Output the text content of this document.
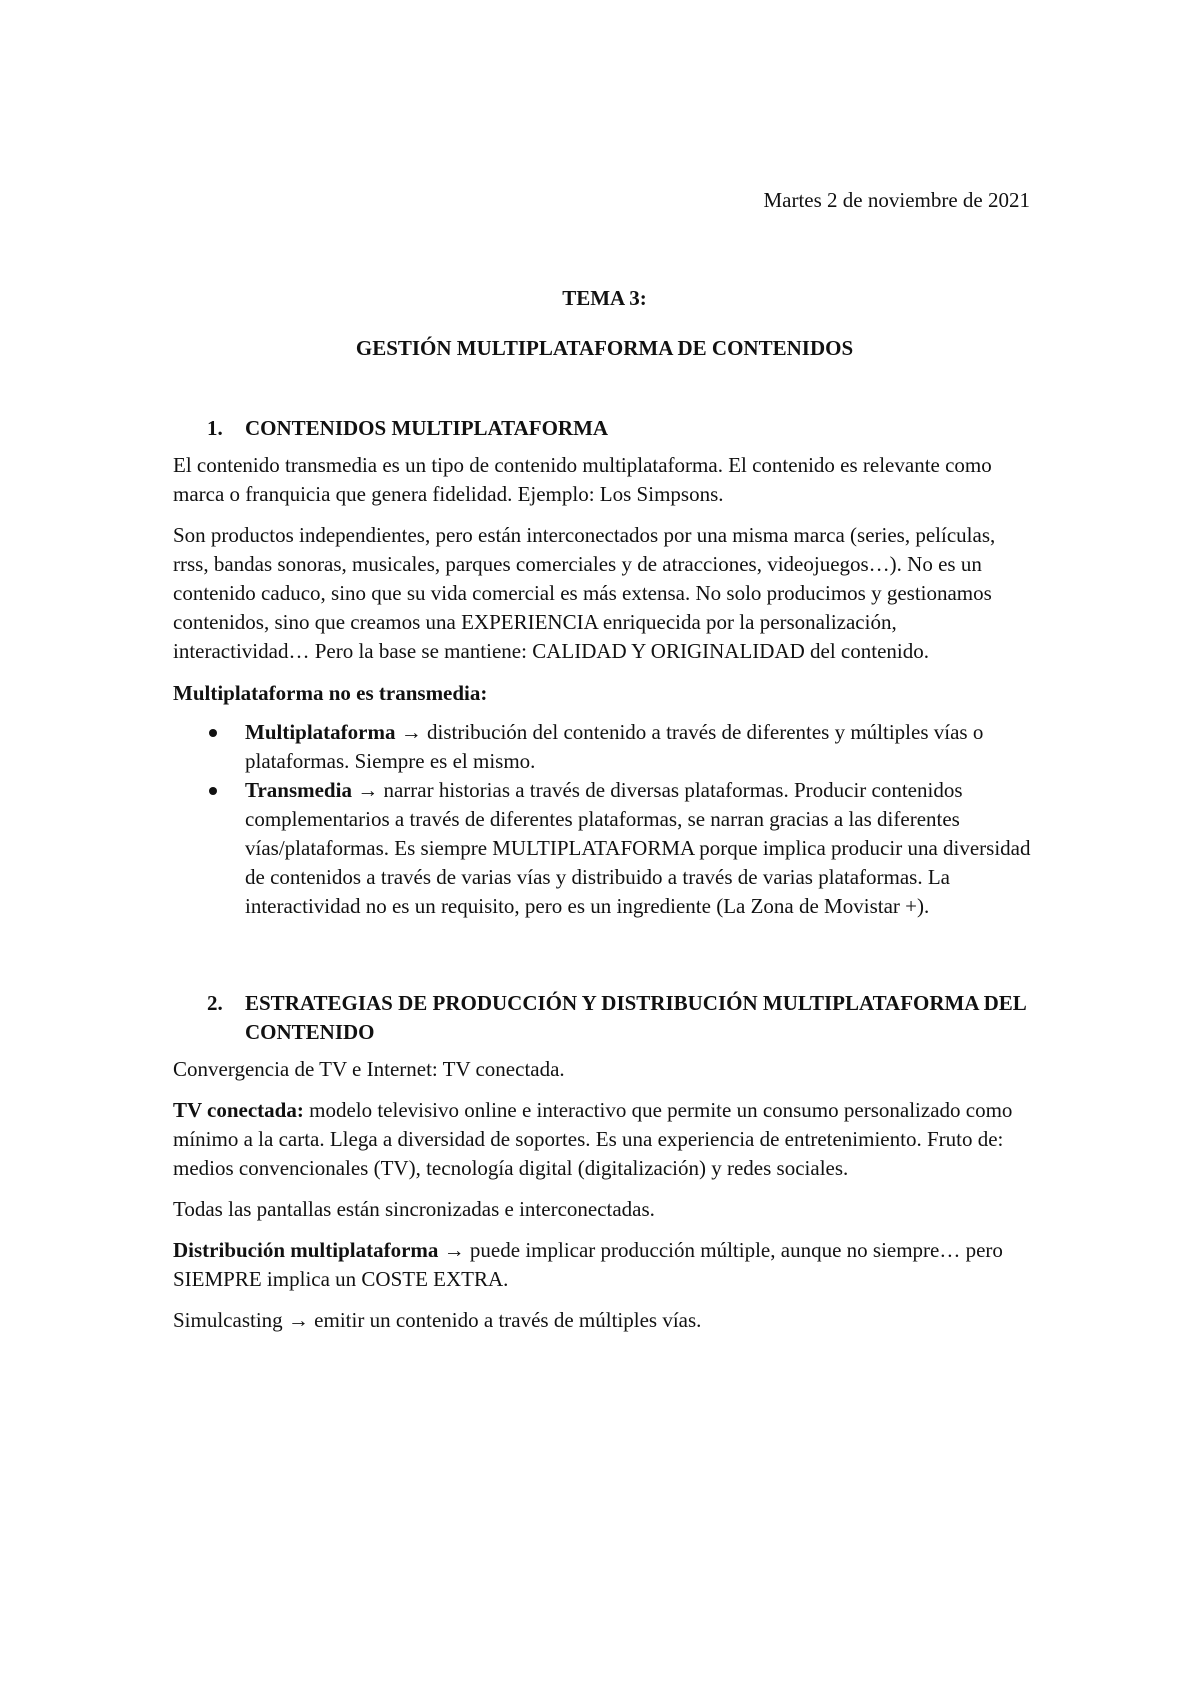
Martes 2 de noviembre de 2021

TEMA 3:

GESTIÓN MULTIPLATAFORMA DE CONTENIDOS

1.	CONTENIDOS MULTIPLATAFORMA

El contenido transmedia es un tipo de contenido multiplataforma. El contenido es relevante como marca o franquicia que genera fidelidad. Ejemplo: Los Simpsons.

Son productos independientes, pero están interconectados por una misma marca (series, películas, rrss, bandas sonoras, musicales, parques comerciales y de atracciones, videojuegos…). No es un contenido caduco, sino que su vida comercial es más extensa. No solo producimos y gestionamos contenidos, sino que creamos una EXPERIENCIA enriquecida por la personalización, interactividad… Pero la base se mantiene: CALIDAD Y ORIGINALIDAD del contenido.

Multiplataforma no es transmedia:

Multiplataforma → distribución del contenido a través de diferentes y múltiples vías o plataformas. Siempre es el mismo.
Transmedia → narrar historias a través de diversas plataformas. Producir contenidos complementarios a través de diferentes plataformas, se narran gracias a las diferentes vías/plataformas. Es siempre MULTIPLATAFORMA porque implica producir una diversidad de contenidos a través de varias vías y distribuido a través de varias plataformas. La interactividad no es un requisito, pero es un ingrediente (La Zona de Movistar +).
2.	ESTRATEGIAS DE PRODUCCIÓN Y DISTRIBUCIÓN MULTIPLATAFORMA DEL CONTENIDO

Convergencia de TV e Internet: TV conectada.

TV conectada: modelo televisivo online e interactivo que permite un consumo personalizado como mínimo a la carta. Llega a diversidad de soportes. Es una experiencia de entretenimiento. Fruto de: medios convencionales (TV), tecnología digital (digitalización) y redes sociales.

Todas las pantallas están sincronizadas e interconectadas.

Distribución multiplataforma → puede implicar producción múltiple, aunque no siempre… pero SIEMPRE implica un COSTE EXTRA.

Simulcasting → emitir un contenido a través de múltiples vías.
